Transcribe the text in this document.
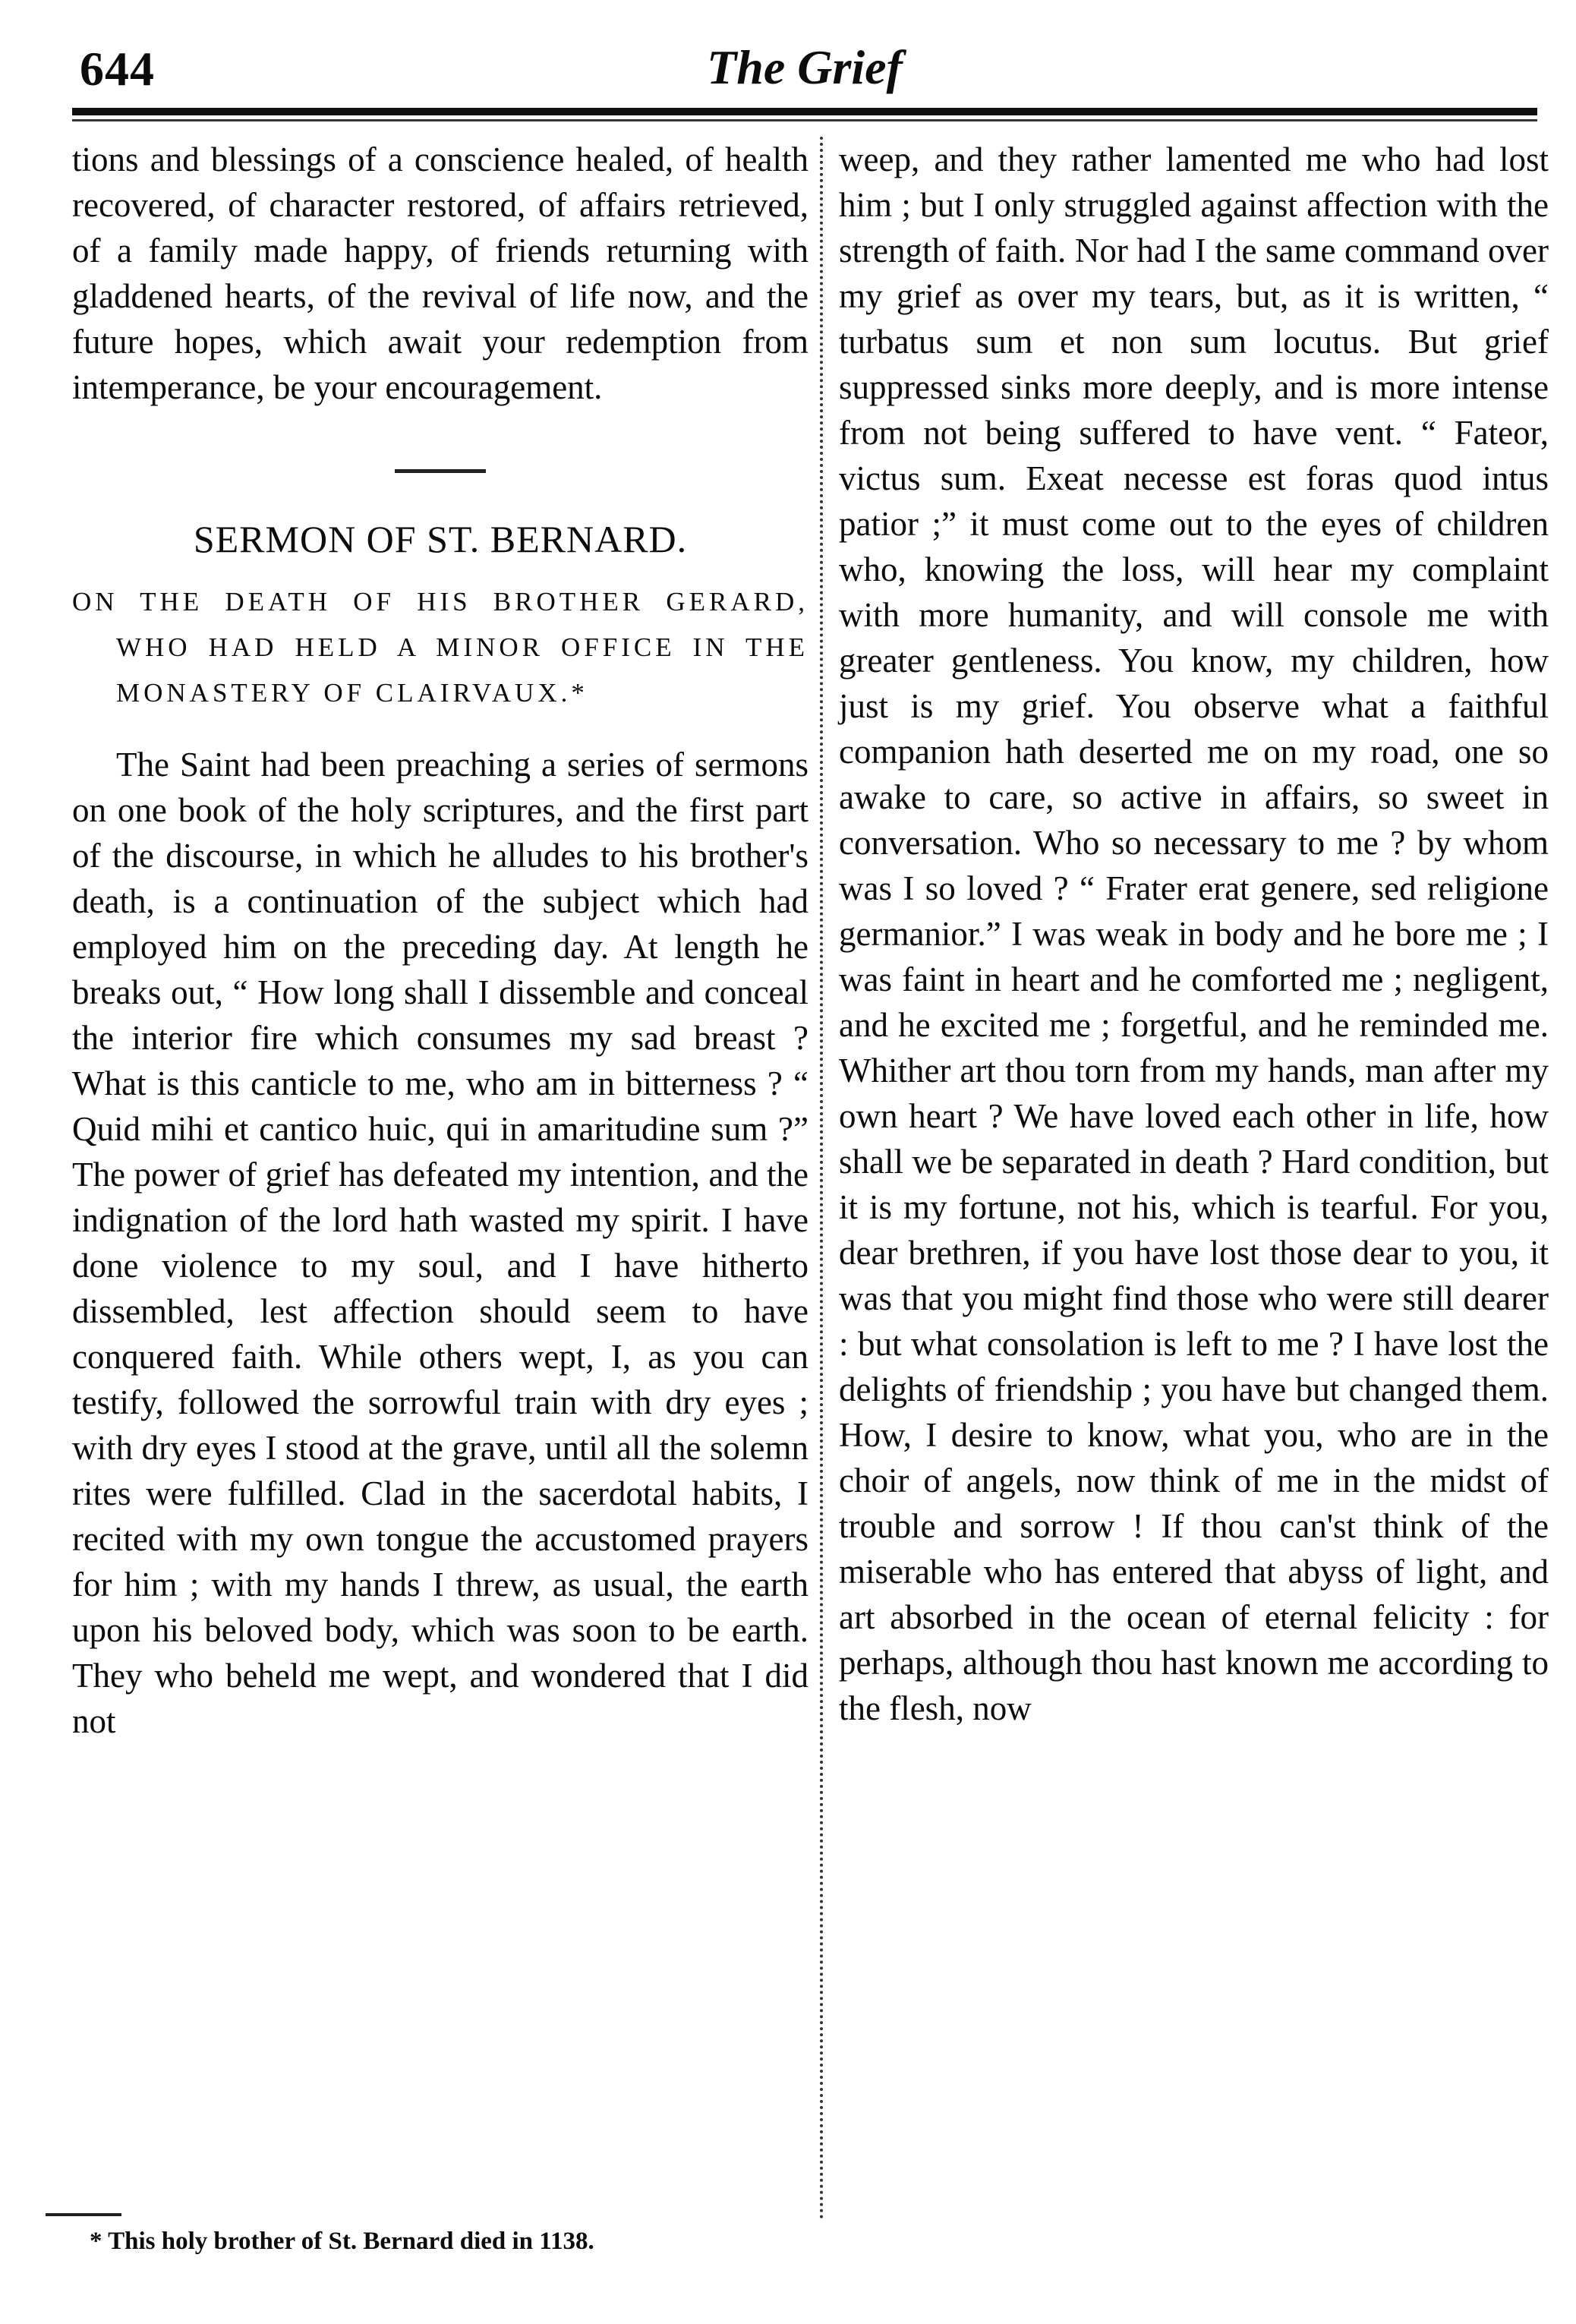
644	The Grief

tions and blessings of a conscience healed, of health recovered, of character restored, of affairs retrieved, of a family made happy, of friends returning with gladdened hearts, of the revival of life now, and the future hopes, which await your redemption from intemperance, be your encouragement.

SERMON OF ST. BERNARD.
ON THE DEATH OF HIS BROTHER GERARD, WHO HAD HELD A MINOR OFFICE IN THE MONASTERY OF CLAIRVAUX.*

The Saint had been preaching a series of sermons on one book of the holy scriptures, and the first part of the discourse, in which he alludes to his brother's death, is a continuation of the subject which had employed him on the preceding day. At length he breaks out, “ How long shall I dissemble and conceal the interior fire which consumes my sad breast ? What is this canticle to me, who am in bitterness ? “ Quid mihi et cantico huic, qui in amaritudine sum ?” The power of grief has defeated my intention, and the indignation of the lord hath wasted my spirit. I have done violence to my soul, and I have hitherto dissembled, lest affection should seem to have conquered faith. While others wept, I, as you can testify, followed the sorrowful train with dry eyes ; with dry eyes I stood at the grave, until all the solemn rites were fulfilled. Clad in the sacerdotal habits, I recited with my own tongue the accustomed prayers for him ; with my hands I threw, as usual, the earth upon his beloved body, which was soon to be earth. They who beheld me wept, and wondered that I did not

weep, and they rather lamented me who had lost him ; but I only struggled against affection with the strength of faith. Nor had I the same command over my grief as over my tears, but, as it is written, “ turbatus sum et non sum locutus. But grief suppressed sinks more deeply, and is more intense from not being suffered to have vent. “ Fateor, victus sum. Exeat necesse est foras quod intus patior ;” it must come out to the eyes of children who, knowing the loss, will hear my complaint with more humanity, and will console me with greater gentleness. You know, my children, how just is my grief. You observe what a faithful companion hath deserted me on my road, one so awake to care, so active in affairs, so sweet in conversation. Who so necessary to me ? by whom was I so loved ? “ Frater erat genere, sed religione germanior.” I was weak in body and he bore me ; I was faint in heart and he comforted me ; negligent, and he excited me ; forgetful, and he reminded me. Whither art thou torn from my hands, man after my own heart ? We have loved each other in life, how shall we be separated in death ? Hard condition, but it is my fortune, not his, which is tearful. For you, dear brethren, if you have lost those dear to you, it was that you might find those who were still dearer : but what consolation is left to me ? I have lost the delights of friendship ; you have but changed them. How, I desire to know, what you, who are in the choir of angels, now think of me in the midst of trouble and sorrow ! If thou can'st think of the miserable who has entered that abyss of light, and art absorbed in the ocean of eternal felicity : for perhaps, although thou hast known me according to the flesh, now

* This holy brother of St. Bernard died in 1138.
